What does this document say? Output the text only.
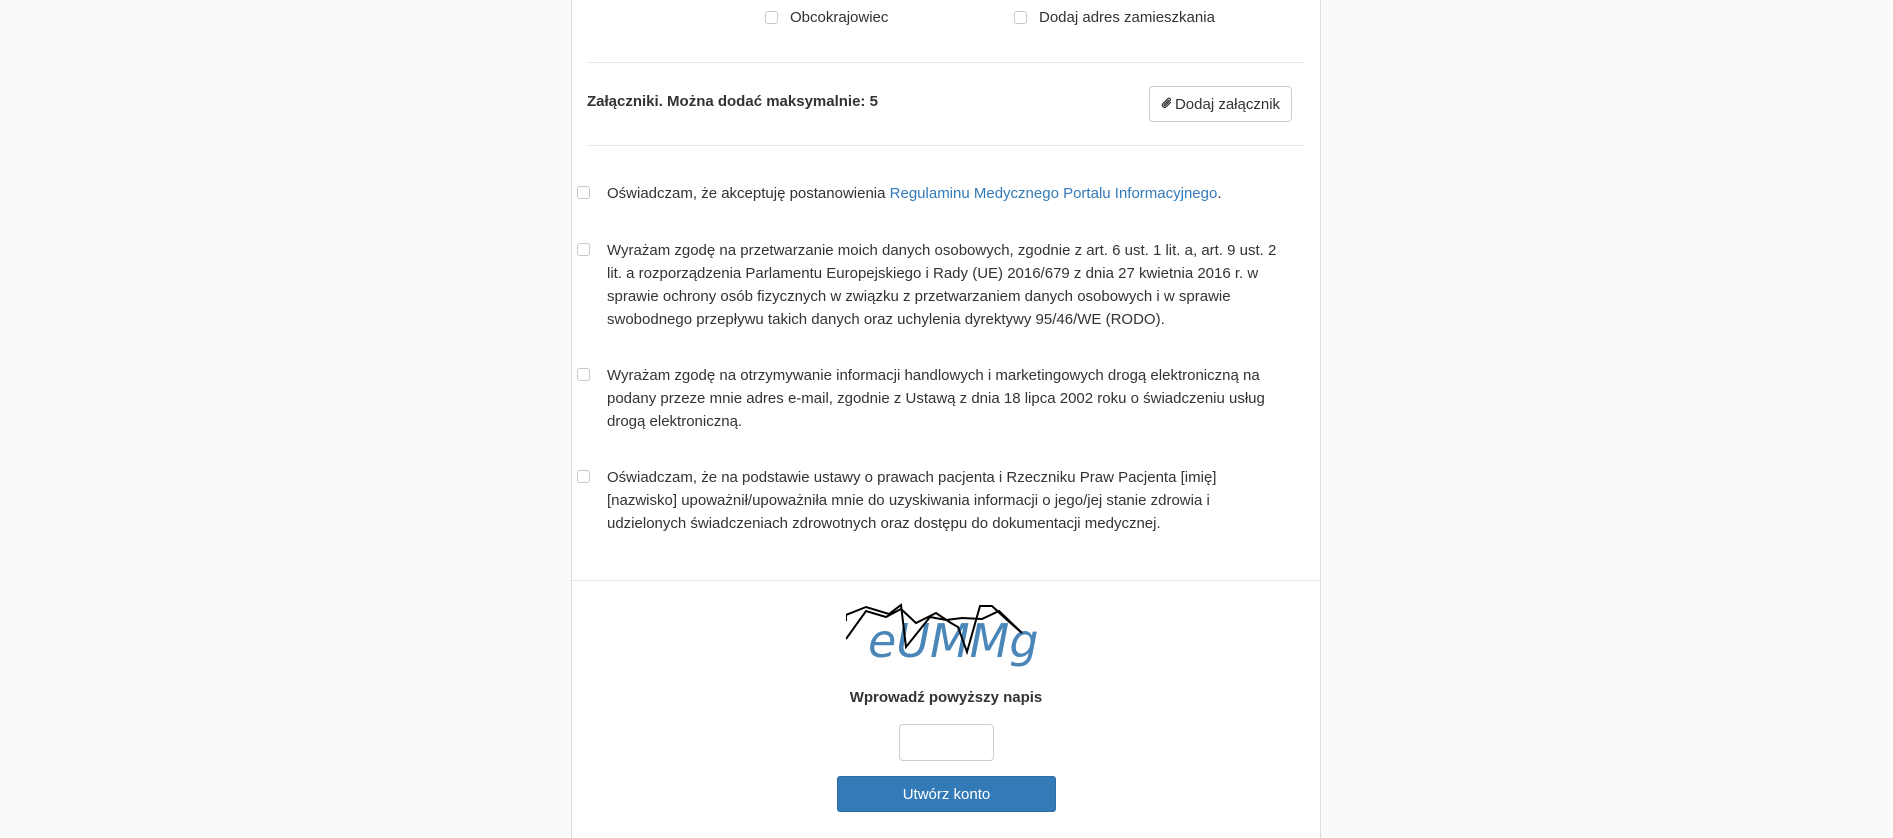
Obcokrajowiec	Dodaj adres zamieszkania
Załączniki. Można dodać maksymalnie: 5	Dodaj załącznik
Oświadczam, że akceptuję postanowienia Regulaminu Medycznego Portalu Informacyjnego.
Wyrażam zgodę na przetwarzanie moich danych osobowych, zgodnie z art. 6 ust. 1 lit. a, art. 9 ust. 2 lit. a rozporządzenia Parlamentu Europejskiego i Rady (UE) 2016/679 z dnia 27 kwietnia 2016 r. w sprawie ochrony osób fizycznych w związku z przetwarzaniem danych osobowych i w sprawie swobodnego przepływu takich danych oraz uchylenia dyrektywy 95/46/WE (RODO).
Wyrażam zgodę na otrzymywanie informacji handlowych i marketingowych drogą elektroniczną na podany przeze mnie adres e-mail, zgodnie z Ustawą z dnia 18 lipca 2002 roku o świadczeniu usług drogą elektroniczną.
Oświadczam, że na podstawie ustawy o prawach pacjenta i Rzeczniku Praw Pacjenta [imię] [nazwisko] upoważnił/upoważniła mnie do uzyskiwania informacji o jego/jej stanie zdrowia i udzielonych świadczeniach zdrowotnych oraz dostępu do dokumentacji medycznej.
eUMMg
Wprowadź powyższy napis
Utwórz konto
